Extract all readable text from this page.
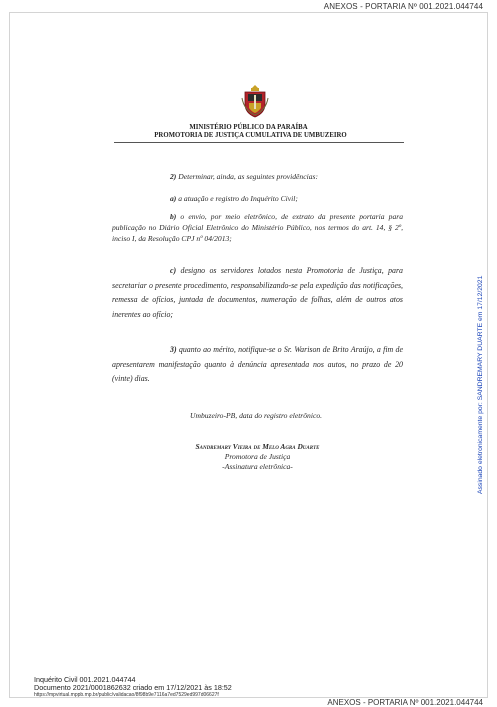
ANEXOS - PORTARIA Nº 001.2021.044744
MINISTÉRIO PÚBLICO DA PARAÍBA
PROMOTORIA DE JUSTIÇA CUMULATIVA DE UMBUZEIRO
2) Determinar, ainda, as seguintes providências:
a) a atuação e registro do Inquérito Civil;
b) o envio, por meio eletrônico, de extrato da presente portaria para publicação no Diário Oficial Eletrônico do Ministério Público, nos termos do art. 14, § 2º, inciso I, da Resolução CPJ nº 04/2013;
c) designo os servidores lotados nesta Promotoria de Justiça, para secretariar o presente procedimento, responsabilizando-se pela expedição das notificações, remessa de ofícios, juntada de documentos, numeração de folhas, além de outros atos inerentes ao ofício;
3) quanto ao mérito, notifique-se o Sr. Warison de Brito Araújo, a fim de apresentarem manifestação quanto à denúncia apresentada nos autos, no prazo de 20 (vinte) dias.
Umbuzeiro-PB, data do registro eletrônico.
Sandremary Vieira de Melo Agra Duarte
Promotora de Justiça
-Assinatura eletrônica-	Assinado eletronicamente por: SANDREMARY DUARTE em 17/12/2021
Inquérito Civil 001.2021.044744
Documento 2021/0001862632 criado em 17/12/2021 às 18:52
https://mpvirtual.mppb.mp.br/public/validacao/8f98b9e7116a7ed7529ed997d06627f
ANEXOS - PORTARIA Nº 001.2021.044744
